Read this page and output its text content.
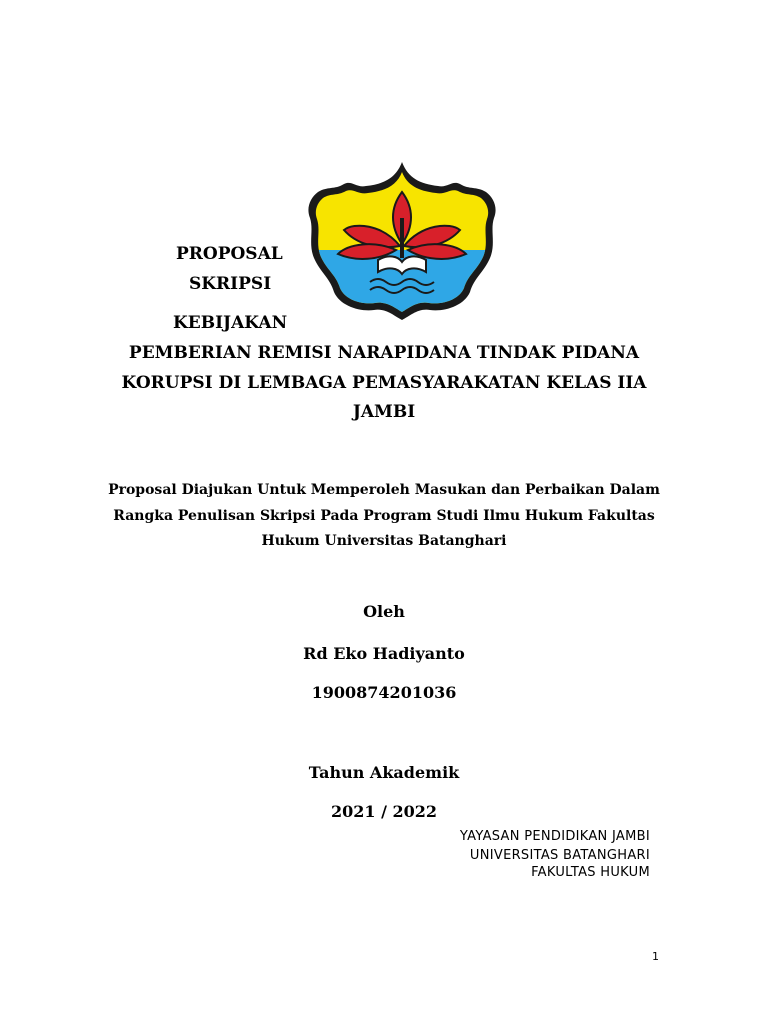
PROPOSAL
SKRIPSI
KEBIJAKAN
PEMBERIAN REMISI NARAPIDANA TINDAK PIDANA
KORUPSI DI LEMBAGA PEMASYARAKATAN KELAS IIA
JAMBI
Proposal Diajukan Untuk Memperoleh Masukan dan Perbaikan Dalam
Rangka Penulisan Skripsi Pada Program Studi Ilmu Hukum Fakultas
Hukum Universitas Batanghari
Oleh
Rd Eko Hadiyanto
1900874201036
Tahun Akademik
2021 / 2022
YAYASAN PENDIDIKAN JAMBI
UNIVERSITAS BATANGHARI
FAKULTAS HUKUM
1
